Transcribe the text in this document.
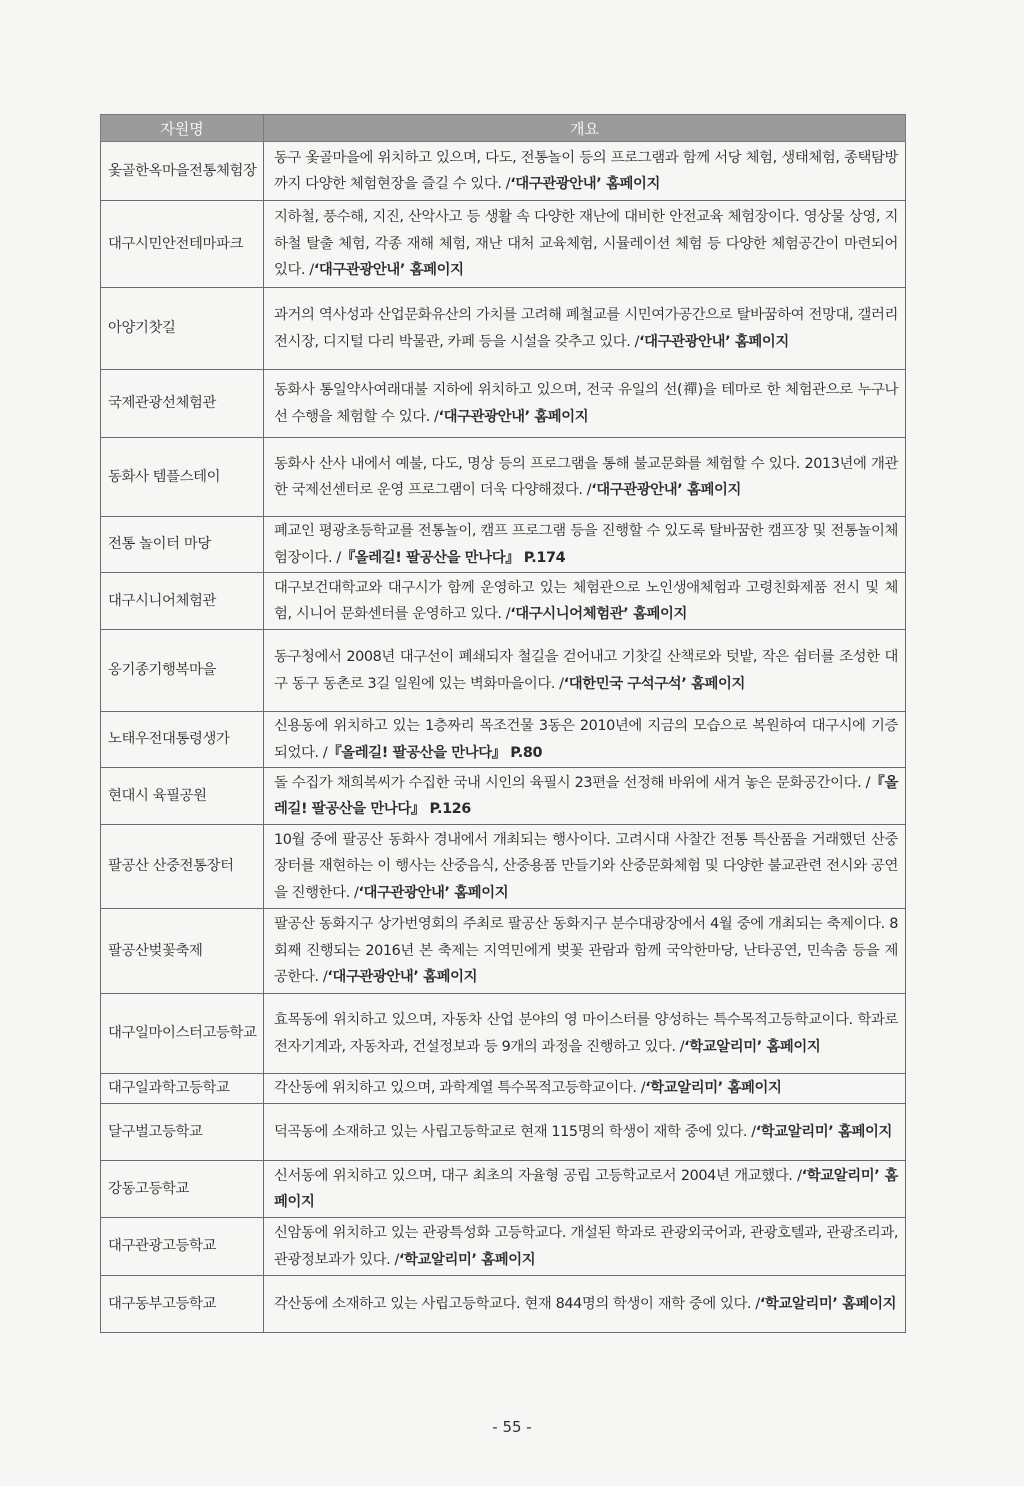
자원명	개요
옻골한옥마을전통체험장	동구 옻골마을에 위치하고 있으며, 다도, 전통놀이 등의 프로그램과 함께 서당 체험, 생태체험, 종택탐방까지 다양한 체험현장을 즐길 수 있다. /‘대구관광안내’ 홈페이지
대구시민안전테마파크	지하철, 풍수해, 지진, 산악사고 등 생활 속 다양한 재난에 대비한 안전교육 체험장이다. 영상물 상영, 지하철 탈출 체험, 각종 재해 체험, 재난 대처 교육체험, 시뮬레이션 체험 등 다양한 체험공간이 마련되어 있다. /‘대구관광안내’ 홈페이지
아양기찻길	과거의 역사성과 산업문화유산의 가치를 고려해 폐철교를 시민여가공간으로 탈바꿈하여 전망대, 갤러리 전시장, 디지털 다리 박물관, 카페 등을 시설을 갖추고 있다. /‘대구관광안내’ 홈페이지
국제관광선체험관	동화사 통일약사여래대불 지하에 위치하고 있으며, 전국 유일의 선(禪)을 테마로 한 체험관으로 누구나 선 수행을 체험할 수 있다. /‘대구관광안내’ 홈페이지
동화사 템플스테이	동화사 산사 내에서 예불, 다도, 명상 등의 프로그램을 통해 불교문화를 체험할 수 있다. 2013년에 개관한 국제선센터로 운영 프로그램이 더욱 다양해졌다. /‘대구관광안내’ 홈페이지
전통 놀이터 마당	폐교인 평광초등학교를 전통놀이, 캠프 프로그램 등을 진행할 수 있도록 탈바꿈한 캠프장 및 전통놀이체험장이다. /『올레길! 팔공산을 만나다』 P.174
대구시니어체험관	대구보건대학교와 대구시가 함께 운영하고 있는 체험관으로 노인생애체험과 고령친화제품 전시 및 체험, 시니어 문화센터를 운영하고 있다. /‘대구시니어체험관’ 홈페이지
옹기종기행복마을	동구청에서 2008년 대구선이 폐쇄되자 철길을 걷어내고 기찻길 산책로와 텃밭, 작은 쉼터를 조성한 대구 동구 동촌로 3길 일원에 있는 벽화마을이다. /‘대한민국 구석구석’ 홈페이지
노태우전대통령생가	신용동에 위치하고 있는 1층짜리 목조건물 3동은 2010년에 지금의 모습으로 복원하여 대구시에 기증되었다. /『올레길! 팔공산을 만나다』 P.80
현대시 육필공원	돌 수집가 채희복씨가 수집한 국내 시인의 육필시 23편을 선정해 바위에 새겨 놓은 문화공간이다. /『올레길! 팔공산을 만나다』 P.126
팔공산 산중전통장터	10월 중에 팔공산 동화사 경내에서 개최되는 행사이다. 고려시대 사찰간 전통 특산품을 거래했던 산중장터를 재현하는 이 행사는 산중음식, 산중용품 만들기와 산중문화체험 및 다양한 불교관련 전시와 공연을 진행한다. /‘대구관광안내’ 홈페이지
팔공산벚꽃축제	팔공산 동화지구 상가번영회의 주최로 팔공산 동화지구 분수대광장에서 4월 중에 개최되는 축제이다. 8회째 진행되는 2016년 본 축제는 지역민에게 벚꽃 관람과 함께 국악한마당, 난타공연, 민속춤 등을 제공한다. /‘대구관광안내’ 홈페이지
대구일마이스터고등학교	효목동에 위치하고 있으며, 자동차 산업 분야의 영 마이스터를 양성하는 특수목적고등학교이다. 학과로 전자기계과, 자동차과, 건설정보과 등 9개의 과정을 진행하고 있다. /‘학교알리미’ 홈페이지
대구일과학고등학교	각산동에 위치하고 있으며, 과학계열 특수목적고등학교이다. /‘학교알리미’ 홈페이지
달구벌고등학교	덕곡동에 소재하고 있는 사립고등학교로 현재 115명의 학생이 재학 중에 있다. /‘학교알리미’ 홈페이지
강동고등학교	신서동에 위치하고 있으며, 대구 최초의 자율형 공립 고등학교로서 2004년 개교했다. /‘학교알리미’ 홈페이지
대구관광고등학교	신암동에 위치하고 있는 관광특성화 고등학교다. 개설된 학과로 관광외국어과, 관광호텔과, 관광조리과, 관광정보과가 있다. /‘학교알리미’ 홈페이지
대구동부고등학교	각산동에 소재하고 있는 사립고등학교다. 현재 844명의 학생이 재학 중에 있다. /‘학교알리미’ 홈페이지
- 55 -
